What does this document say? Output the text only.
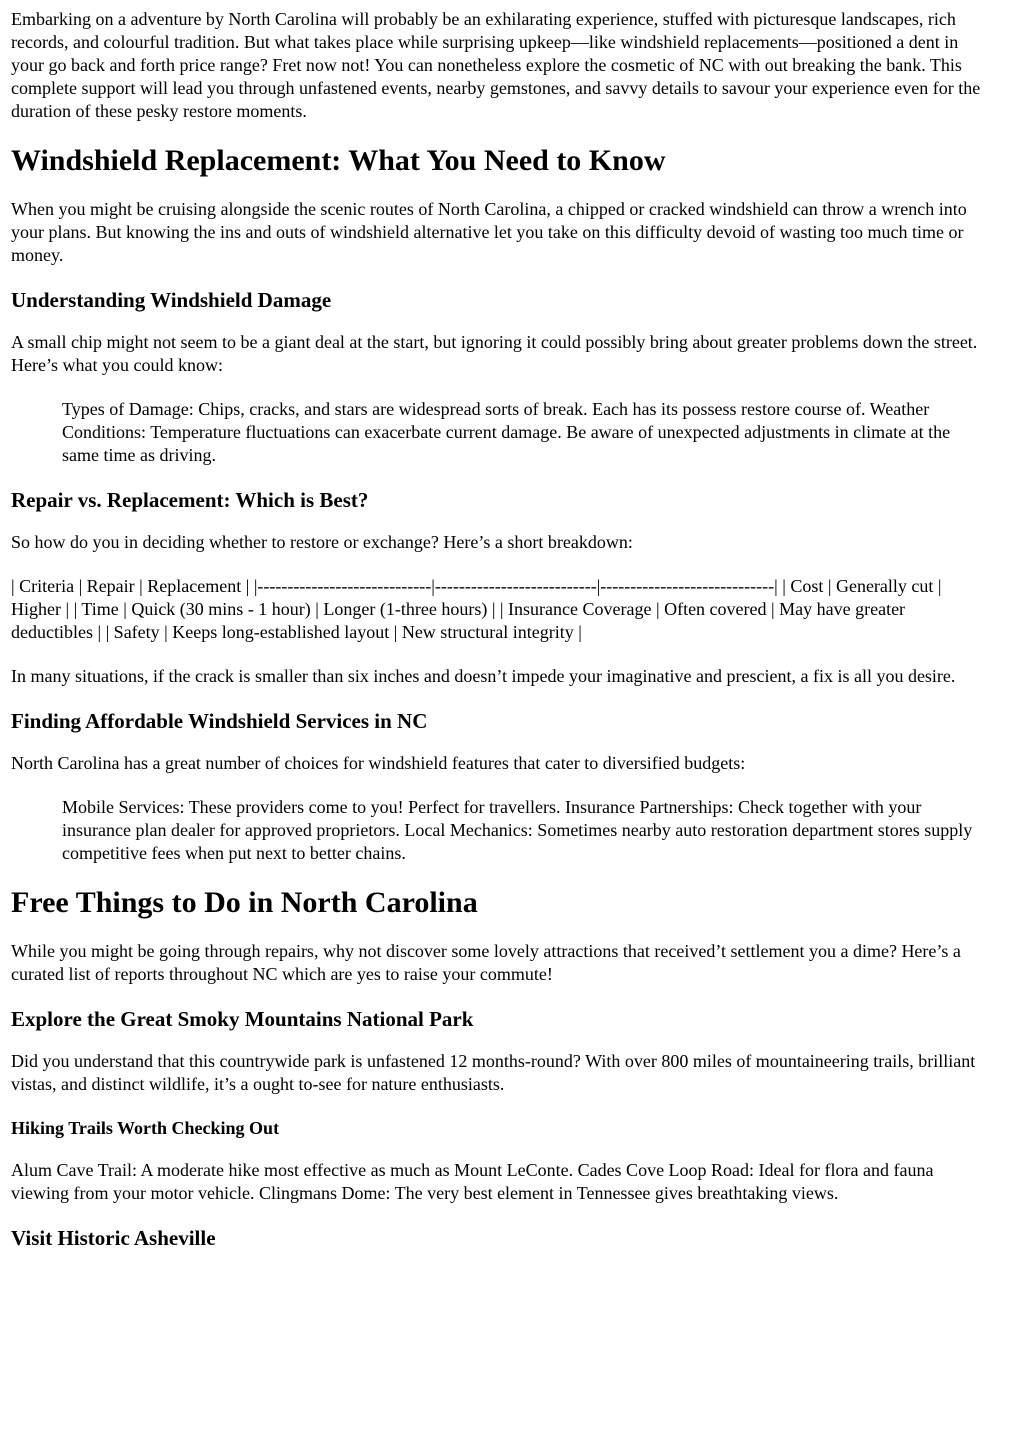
Embarking on a adventure by North Carolina will probably be an exhilarating experience, stuffed with picturesque landscapes, rich records, and colourful tradition. But what takes place while surprising upkeep—like windshield replacements—positioned a dent in your go back and forth price range? Fret now not! You can nonetheless explore the cosmetic of NC with out breaking the bank. This complete support will lead you through unfastened events, nearby gemstones, and savvy details to savour your experience even for the duration of these pesky restore moments.

Windshield Replacement: What You Need to Know

When you might be cruising alongside the scenic routes of North Carolina, a chipped or cracked windshield can throw a wrench into your plans. But knowing the ins and outs of windshield alternative let you take on this difficulty devoid of wasting too much time or money.

Understanding Windshield Damage

A small chip might not seem to be a giant deal at the start, but ignoring it could possibly bring about greater problems down the street. Here’s what you could know:

Types of Damage: Chips, cracks, and stars are widespread sorts of break. Each has its possess restore course of. Weather Conditions: Temperature fluctuations can exacerbate current damage. Be aware of unexpected adjustments in climate at the same time as driving.
Repair vs. Replacement: Which is Best?

So how do you in deciding whether to restore or exchange? Here’s a short breakdown:

| Criteria | Repair | Replacement | |-----------------------------|---------------------------|-----------------------------| | Cost | Generally cut | Higher | | Time | Quick (30 mins - 1 hour) | Longer (1-three hours) | | Insurance Coverage | Often covered | May have greater deductibles | | Safety | Keeps long-established layout | New structural integrity |

In many situations, if the crack is smaller than six inches and doesn’t impede your imaginative and prescient, a fix is all you desire.

Finding Affordable Windshield Services in NC

North Carolina has a great number of choices for windshield features that cater to diversified budgets:

Mobile Services: These providers come to you! Perfect for travellers. Insurance Partnerships: Check together with your insurance plan dealer for approved proprietors. Local Mechanics: Sometimes nearby auto restoration department stores supply competitive fees when put next to better chains.
Free Things to Do in North Carolina

While you might be going through repairs, why not discover some lovely attractions that received’t settlement you a dime? Here’s a curated list of reports throughout NC which are yes to raise your commute!

Explore the Great Smoky Mountains National Park

Did you understand that this countrywide park is unfastened 12 months-round? With over 800 miles of mountaineering trails, brilliant vistas, and distinct wildlife, it’s a ought to-see for nature enthusiasts.

Hiking Trails Worth Checking Out

Alum Cave Trail: A moderate hike most effective as much as Mount LeConte. Cades Cove Loop Road: Ideal for flora and fauna viewing from your motor vehicle. Clingmans Dome: The very best element in Tennessee gives breathtaking views.

Visit Historic Asheville
